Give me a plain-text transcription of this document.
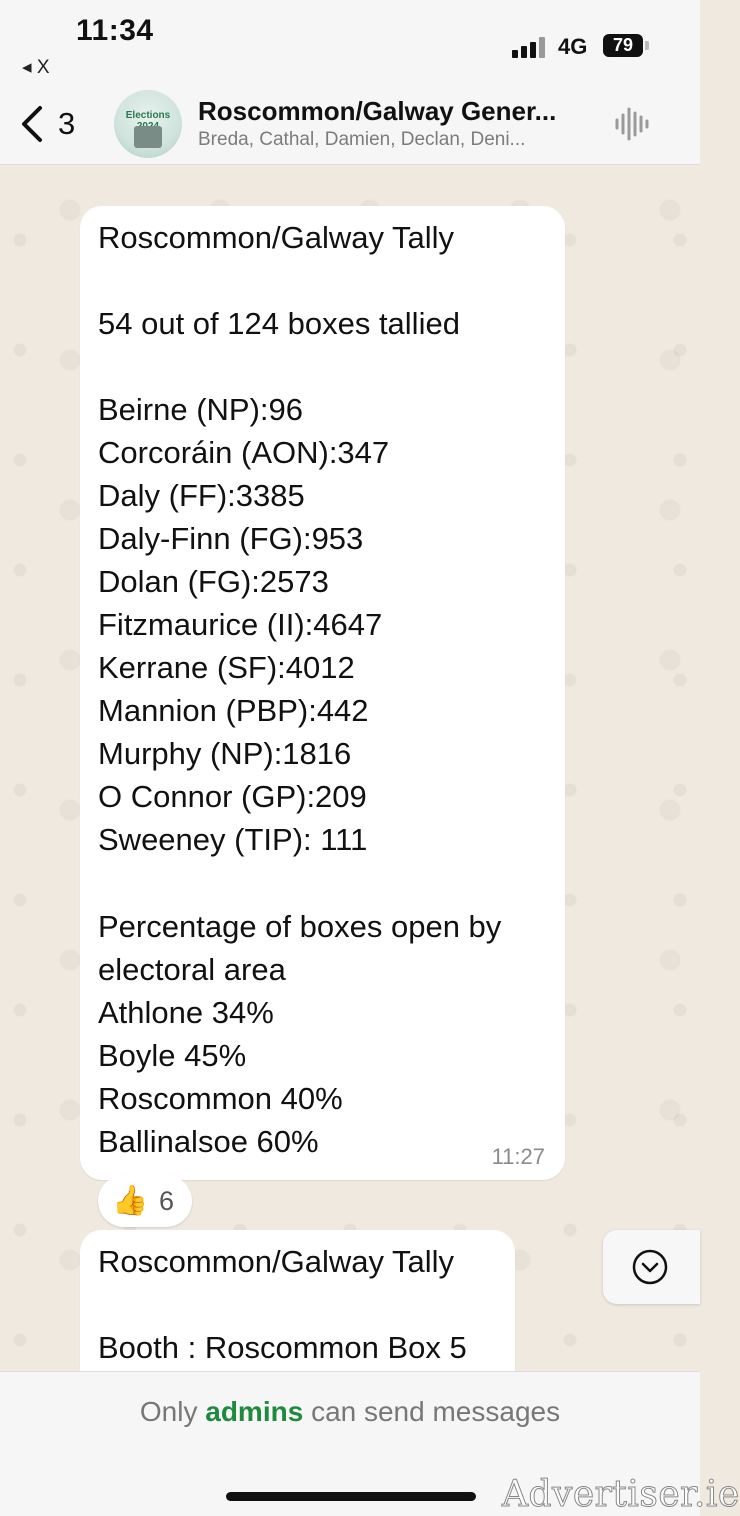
11:34
◂ X
4G	79
3	Elections	Roscommon/Galway Gener...
Breda, Cathal, Damien, Declan, Deni...
Roscommon/Galway Tally
54 out of 124 boxes tallied
Beirne (NP):96
Corcoráin (AON):347
Daly (FF):3385
Daly-Finn (FG):953
Dolan (FG):2573
Fitzmaurice (II):4647
Kerrane (SF):4012
Mannion (PBP):442
Murphy (NP):1816
O Connor (GP):209
Sweeney (TIP): 111
Percentage of boxes open by
electoral area
Athlone 34%
Boyle 45%
Roscommon 40%
Ballinalsoe 60%	11:27
👍 6
Roscommon/Galway Tally
Booth : Roscommon Box 5
Only admins can send messages
Advertiser.ie
